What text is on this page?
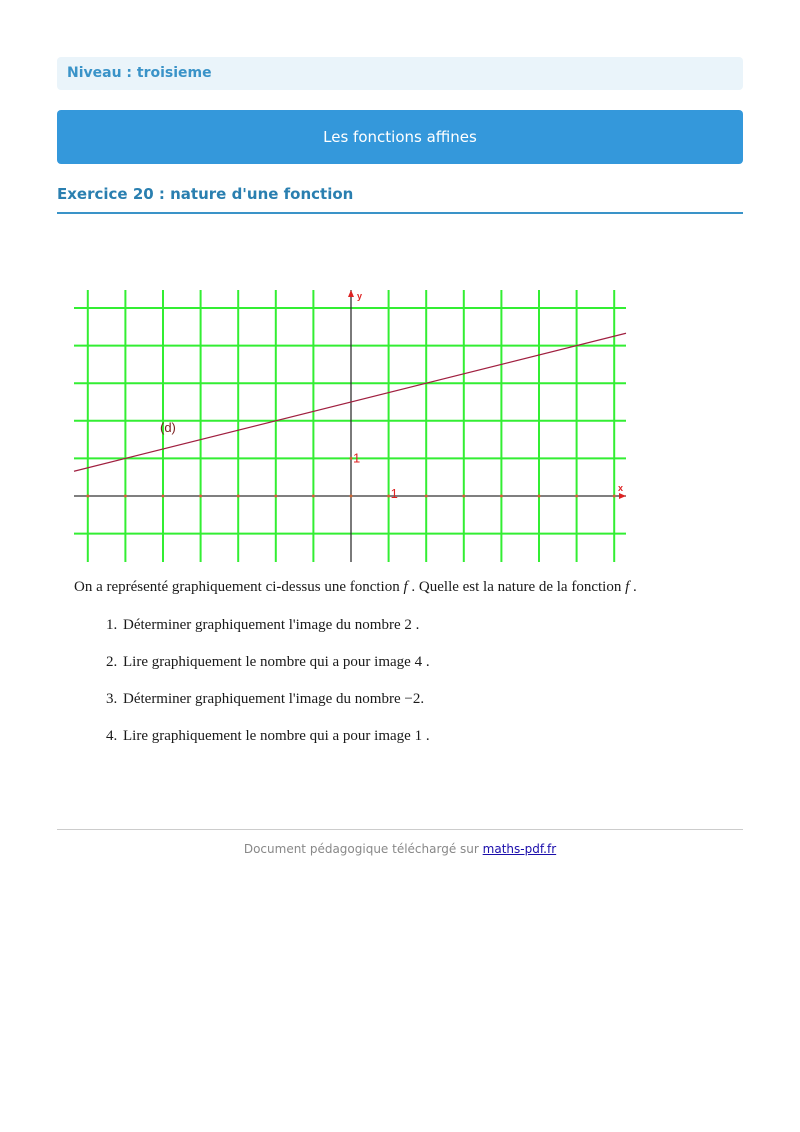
Niveau : troisieme
Les fonctions affines
Exercice 20 : nature d'une fonction
(d)
1
1
y
x

On a représenté graphiquement ci-dessus une fonction f . Quelle est la nature de la fonction f .

1. Déterminer graphiquement l'image du nombre 2 .
2. Lire graphiquement le nombre qui a pour image 4 .
3. Déterminer graphiquement l'image du nombre −2.
4. Lire graphiquement le nombre qui a pour image 1 .
Document pédagogique téléchargé sur maths-pdf.fr
